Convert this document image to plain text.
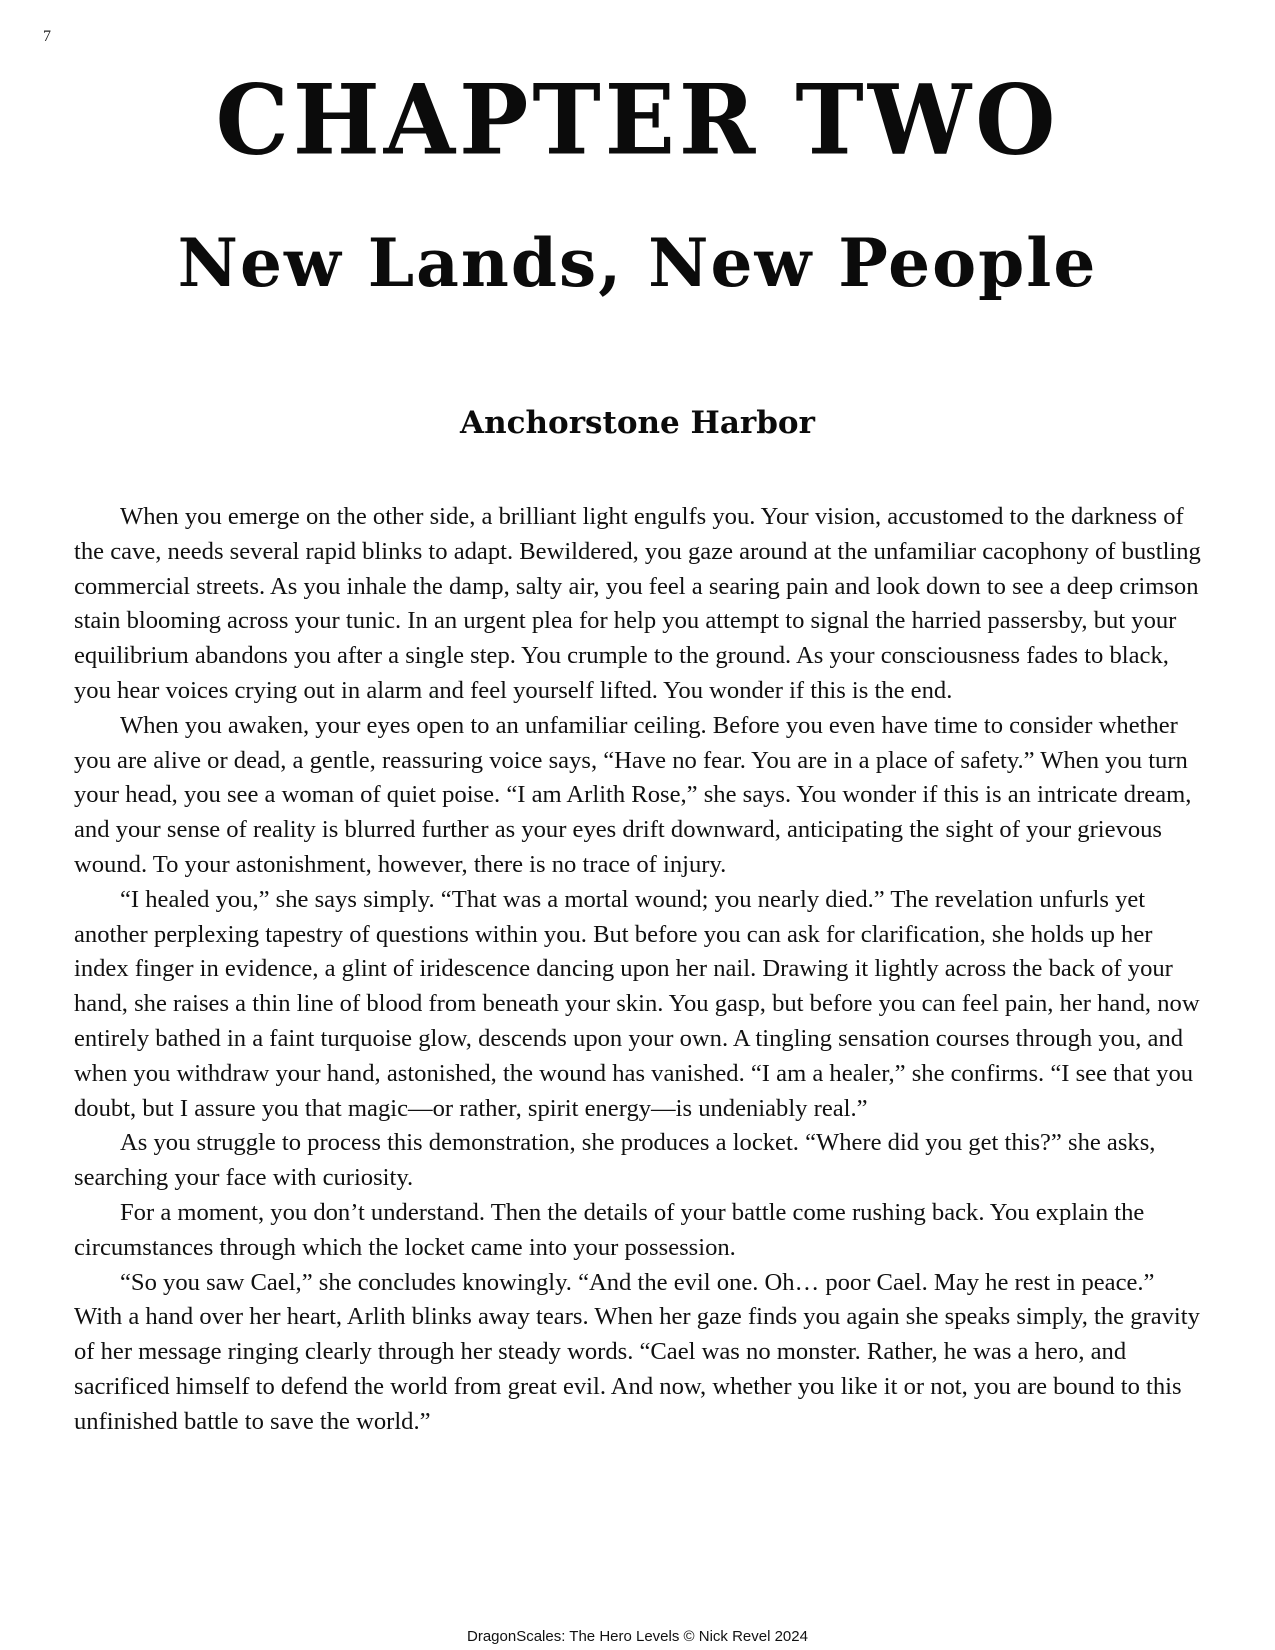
7
CHAPTER TWO
New Lands, New People
Anchorstone Harbor

When you emerge on the other side, a brilliant light engulfs you. Your vision, accustomed to the darkness of the cave, needs several rapid blinks to adapt. Bewildered, you gaze around at the unfamiliar cacophony of bustling commercial streets. As you inhale the damp, salty air, you feel a searing pain and look down to see a deep crimson stain blooming across your tunic. In an urgent plea for help you attempt to signal the harried passersby, but your equilibrium abandons you after a single step. You crumple to the ground. As your consciousness fades to black, you hear voices crying out in alarm and feel yourself lifted. You wonder if this is the end.

When you awaken, your eyes open to an unfamiliar ceiling. Before you even have time to consider whether you are alive or dead, a gentle, reassuring voice says, “Have no fear. You are in a place of safety.” When you turn your head, you see a woman of quiet poise. “I am Arlith Rose,” she says. You wonder if this is an intricate dream, and your sense of reality is blurred further as your eyes drift downward, anticipating the sight of your grievous wound. To your astonishment, however, there is no trace of injury.

“I healed you,” she says simply. “That was a mortal wound; you nearly died.” The revelation unfurls yet another perplexing tapestry of questions within you. But before you can ask for clarification, she holds up her index finger in evidence, a glint of iridescence dancing upon her nail. Drawing it lightly across the back of your hand, she raises a thin line of blood from beneath your skin. You gasp, but before you can feel pain, her hand, now entirely bathed in a faint turquoise glow, descends upon your own. A tingling sensation courses through you, and when you withdraw your hand, astonished, the wound has vanished. “I am a healer,” she confirms. “I see that you doubt, but I assure you that magic—or rather, spirit energy—is undeniably real.”

As you struggle to process this demonstration, she produces a locket. “Where did you get this?” she asks, searching your face with curiosity.

For a moment, you don’t understand. Then the details of your battle come rushing back. You explain the circumstances through which the locket came into your possession.

“So you saw Cael,” she concludes knowingly. “And the evil one. Oh… poor Cael. May he rest in peace.” With a hand over her heart, Arlith blinks away tears. When her gaze finds you again she speaks simply, the gravity of her message ringing clearly through her steady words. “Cael was no monster. Rather, he was a hero, and sacrificed himself to defend the world from great evil. And now, whether you like it or not, you are bound to this unfinished battle to save the world.”

DragonScales: The Hero Levels © Nick Revel 2024
